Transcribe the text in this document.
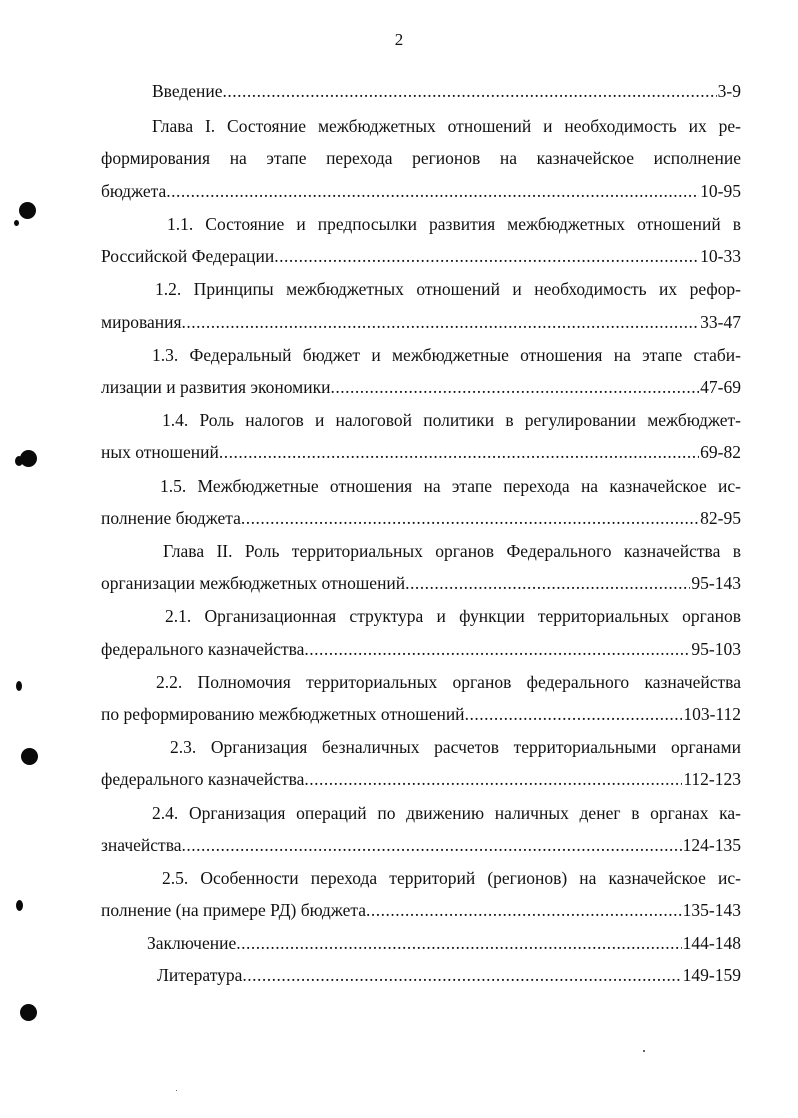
2
Введение .....	3-9
Глава I. Состояние межбюджетных отношений и необходимость их ре-
формирования на этапе перехода регионов на казначейское исполнение
бюджета .....	10-95
1.1. Состояние и предпосылки развития межбюджетных отношений в
Российской Федерации .....	10-33
1.2. Принципы межбюджетных отношений и необходимость их рефор-
мирования .....	33-47
1.3. Федеральный бюджет и межбюджетные отношения на этапе стаби-
лизации и развития экономики .....	47-69
1.4. Роль налогов и налоговой политики в регулировании межбюджет-
ных отношений .....	69-82
1.5. Межбюджетные отношения на этапе перехода на казначейское ис-
полнение бюджета .....	82-95
Глава II. Роль территориальных органов Федерального казначейства в
организации межбюджетных отношений .....	95-143
2.1. Организационная структура и функции территориальных органов
федерального казначейства .....	95-103
2.2. Полномочия территориальных органов федерального казначейства
по реформированию межбюджетных отношений .....	103-112
2.3. Организация безналичных расчетов территориальными органами
федерального казначейства .....	112-123
2.4. Организация операций по движению наличных денег в органах ка-
значейства .....	124-135
2.5. Особенности перехода территорий (регионов) на казначейское ис-
полнение (на примере РД) бюджета .....	135-143
Заключение .....	144-148
Литература .....	149-159
